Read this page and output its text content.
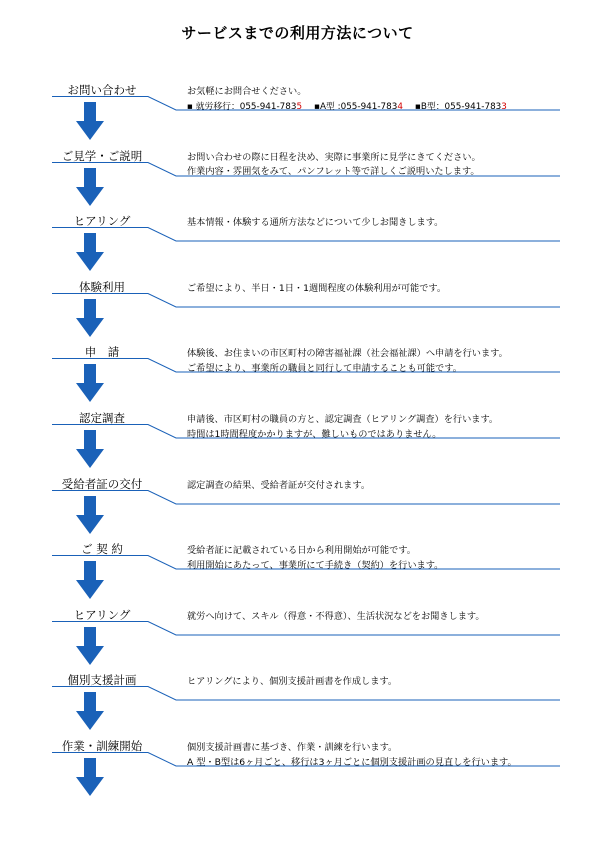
サービスまでの利用方法について
お問い合わせ	お気軽にお問合せください。
▪ 就労移行：055-941-7835 ▪A型 :055-941-7834 ▪B型：055-941-7833
ご見学・ご説明	お問い合わせの際に日程を決め、実際に事業所に見学にきてください。
作業内容・雰囲気をみて、パンフレット等で詳しくご説明いたします。
ヒアリング	基本情報・体験する通所方法などについて少しお聞きします。
体験利用	ご希望により、半日・1日・1週間程度の体験利用が可能です。
申　請	体験後、お住まいの市区町村の障害福祉課（社会福祉課）へ申請を行います。
ご希望により、事業所の職員と同行して申請することも可能です。
認定調査	申請後、市区町村の職員の方と、認定調査（ヒアリング調査）を行います。
時間は1時間程度かかりますが、難しいものではありません。
受給者証の交付	認定調査の結果、受給者証が交付されます。
ご 契 約	受給者証に記載されている日から利用開始が可能です。
利用開始にあたって、事業所にて手続き（契約）を行います。
ヒアリング	就労へ向けて、スキル（得意・不得意）、生活状況などをお聞きします。
個別支援計画	ヒアリングにより、個別支援計画書を作成します。
作業・訓練開始	個別支援計画書に基づき、作業・訓練を行います。
A 型・B型は6ヶ月ごと、移行は3ヶ月ごとに個別支援計画の見直しを行います。
